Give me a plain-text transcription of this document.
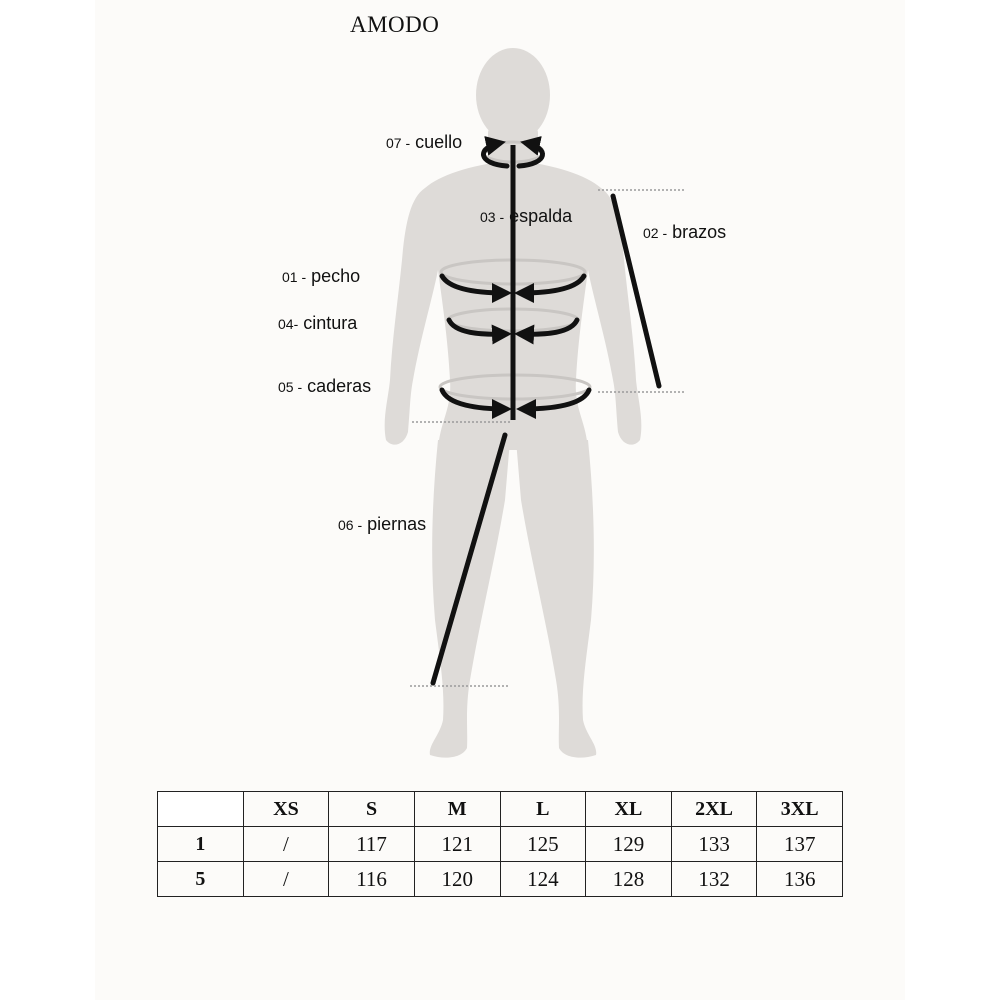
AMODO
07 - cuello
03 - espalda
02 - brazos
01 - pecho
04- cintura
05 - caderas
06 - piernas
	XS	S	M	L	XL	2XL	3XL
1	/	117	121	125	129	133	137
5	/	116	120	124	128	132	136
